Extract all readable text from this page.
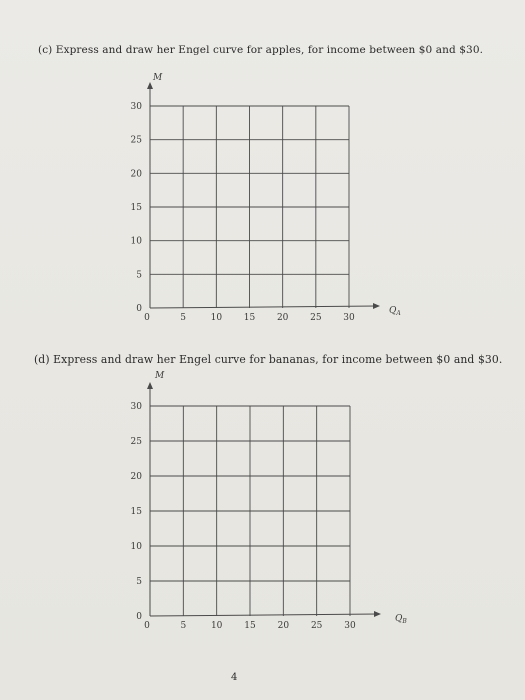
(c) Express and draw her Engel curve for apples, for income between $0 and $30.
(d) Express and draw her Engel curve for bananas, for income between $0 and $30.
30
25
20
15
10
5
0
0	5	10 15 20 25 30
M
$Q_A$
30
25
20
15
10
5
0
0	5	10 15 20 25 30
M
$Q_B$
4
